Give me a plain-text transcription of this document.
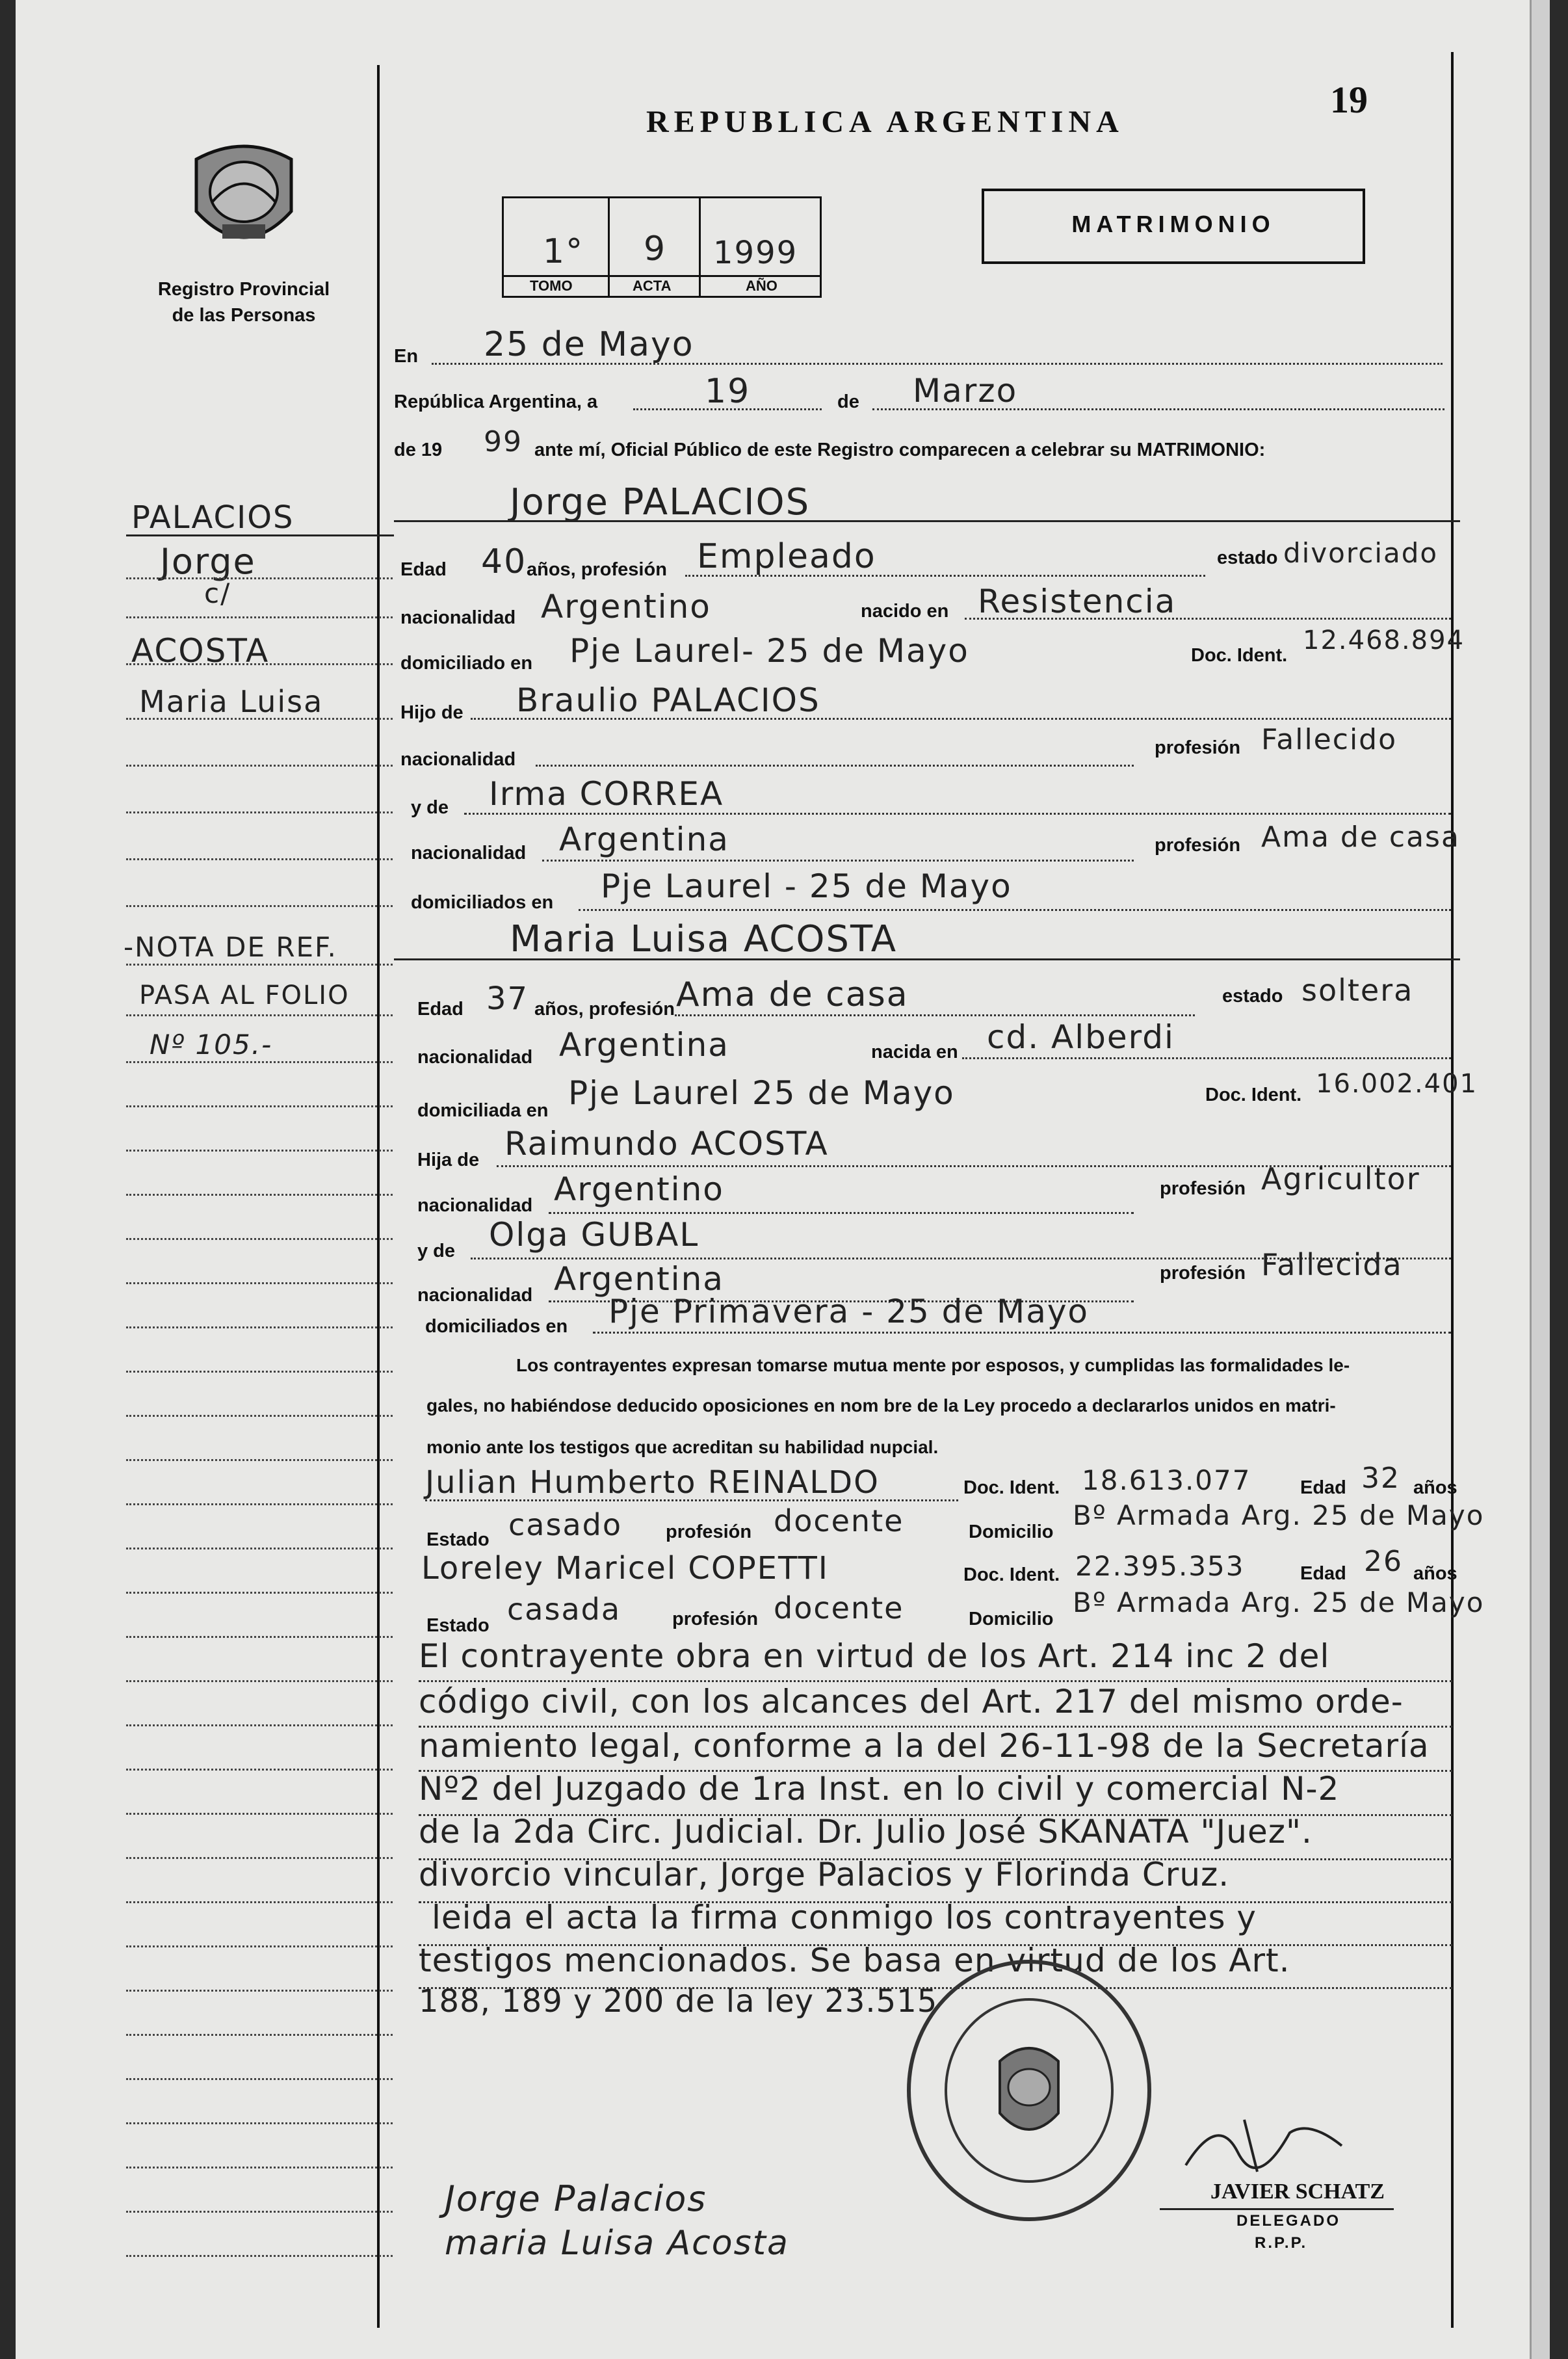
19
REPUBLICA ARGENTINA
Registro Provincial
de las Personas
1° 9 1999
TOMO	ACTA	AÑO
MATRIMONIO
PALACIOS
Jorge
c/
ACOSTA
Maria Luisa
-NOTA DE REF.
PASA AL FOLIO
Nº 105.-
En 25 de Mayo
República Argentina, a	19	de Marzo
de 19 99 ante mí, Oficial Público de este Registro comparecen a celebrar su MATRIMONIO:
Jorge PALACIOS
Edad 40 años, profesión Empleado	estado divorciado
nacionalidad Argentino	nacido en Resistencia
domiciliado en Pje Laurel- 25 de Mayo	Doc. Ident. 12.468.894
Hijo de Braulio PALACIOS
nacionalidad
profesión Fallecido
y de Irma CORREA
nacionalidad Argentina	profesión Ama de casa
domiciliados en Pje Laurel - 25 de Mayo
Maria Luisa ACOSTA
Edad 37 años, profesión Ama de casa	estado soltera
nacionalidad Argentina	nacida en cd. Alberdi
domiciliada en Pje Laurel 25 de Mayo	Doc. Ident. 16.002.401
Hija de Raimundo ACOSTA
nacionalidad Argentino	profesión Agricultor
y de Olga GUBAL
nacionalidad Argentina	profesión Fallecida
domiciliados en Pje Primavera - 25 de Mayo
Los contrayentes expresan tomarse mutua mente por esposos, y cumplidas las formalidades le-
gales, no habiéndose deducido oposiciones en nom bre de la Ley procedo a declararlos unidos en matri-
monio ante los testigos que acreditan su habilidad nupcial.
Julian Humberto REINALDO	Doc. Ident. 18.613.077	Edad 32 años
Estado casado profesión docente	Domicilio
Bº Armada Arg. 25 de Mayo
Loreley Maricel COPETTI	Doc. Ident. 22.395.353	Edad 26 años
Estado casada	profesión docente	Domicilio
Bº Armada Arg. 25 de Mayo
El contrayente obra en virtud de los Art. 214 inc 2 del
código civil, con los alcances del Art. 217 del mismo orde-
namiento legal, conforme a la del 26-11-98 de la Secretaría
Nº2 del Juzgado de 1ra Inst. en lo civil y comercial N-2
de la 2da Circ. Judicial. Dr. Julio José SKANATA "Juez".
divorcio vincular, Jorge Palacios y Florinda Cruz.
leida el acta la firma conmigo los contrayentes y
testigos mencionados. Se basa en virtud de los Art.
188, 189 y 200 de la ley 23.515
Jorge Palacios
maria Luisa Acosta
JAVIER SCHATZ
DELEGADO
R.P.P.
